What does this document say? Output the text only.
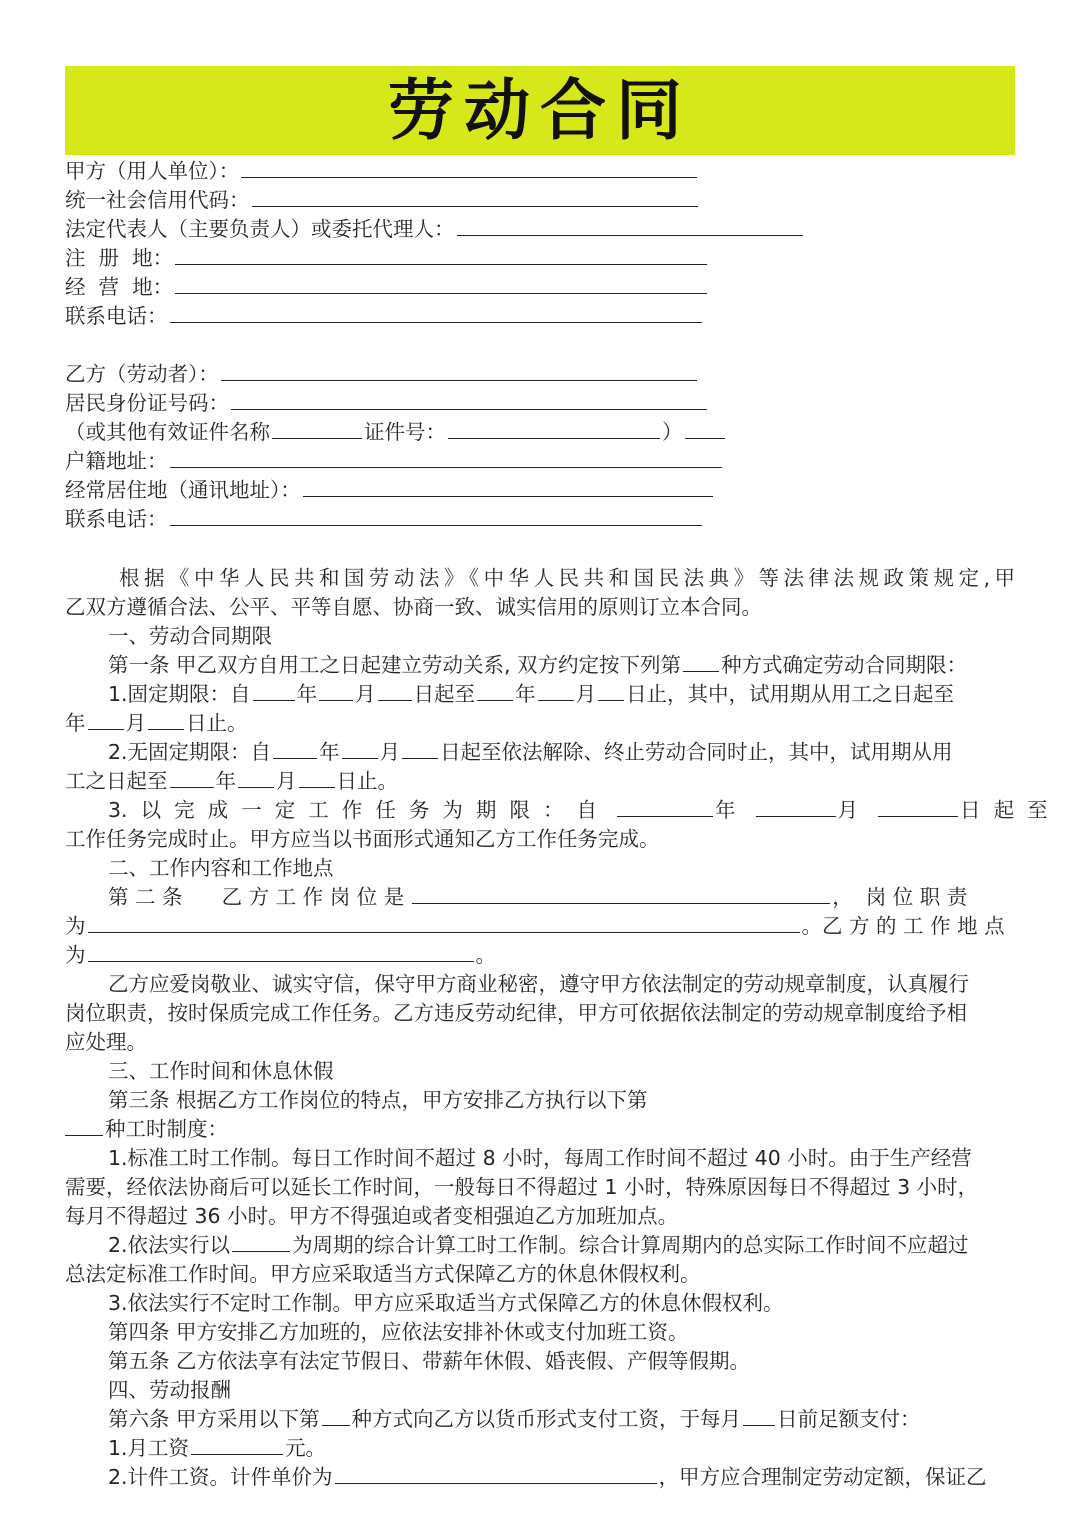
劳动合同
甲方（用人单位）：
统一社会信用代码：
法定代表人（主要负责人）或委托代理人：
注  册  地：
经  营  地：
联系电话：
乙方（劳动者）：
居民身份证号码：
（或其他有效证件名称	证件号：	）
户籍地址：
经常居住地（通讯地址）：
联系电话：
根据《中华人民共和国劳动法》《中华人民共和国民法典》等法律法规政策规定,甲
乙双方遵循合法、公平、平等自愿、协商一致、诚实信用的原则订立本合同。
一、劳动合同期限
第一条 甲乙双方自用工之日起建立劳动关系, 双方约定按下列第 种方式确定劳动合同期限：
1.固定期限：自 年 月 日起至 年 月 日止，其中，试用期从用工之日起至
年 月 日止。
2.无固定期限：自 年 月 日起至依法解除、终止劳动合同时止，其中，试用期从用
工之日起至 年 月 日止。
3.  以  完  成  一  定  工  作  任  务  为  期  限  ：  自	年	月	日  起  至
工作任务完成时止。甲方应当以书面形式通知乙方工作任务完成。
二、工作内容和工作地点
第 二 条      乙 方 工 作 岗 位 是	，  岗 位 职 责
为	。乙 方 的 工 作 地 点
为	。
乙方应爱岗敬业、诚实守信，保守甲方商业秘密，遵守甲方依法制定的劳动规章制度，认真履行
岗位职责，按时保质完成工作任务。乙方违反劳动纪律，甲方可依据依法制定的劳动规章制度给予相
应处理。
三、工作时间和休息休假
第三条 根据乙方工作岗位的特点，甲方安排乙方执行以下第
种工时制度：
1.标准工时工作制。每日工作时间不超过 8 小时，每周工作时间不超过 40 小时。由于生产经营
需要，经依法协商后可以延长工作时间，一般每日不得超过 1 小时，特殊原因每日不得超过 3 小时，
每月不得超过 36 小时。甲方不得强迫或者变相强迫乙方加班加点。
2.依法实行以	为周期的综合计算工时工作制。综合计算周期内的总实际工作时间不应超过
总法定标准工作时间。甲方应采取适当方式保障乙方的休息休假权利。
3.依法实行不定时工作制。甲方应采取适当方式保障乙方的休息休假权利。
第四条 甲方安排乙方加班的，应依法安排补休或支付加班工资。
第五条 乙方依法享有法定节假日、带薪年休假、婚丧假、产假等假期。
四、劳动报酬
第六条 甲方采用以下第 种方式向乙方以货币形式支付工资，于每月 日前足额支付：
1.月工资	元。
2.计件工资。计件单价为	，甲方应合理制定劳动定额，保证乙
